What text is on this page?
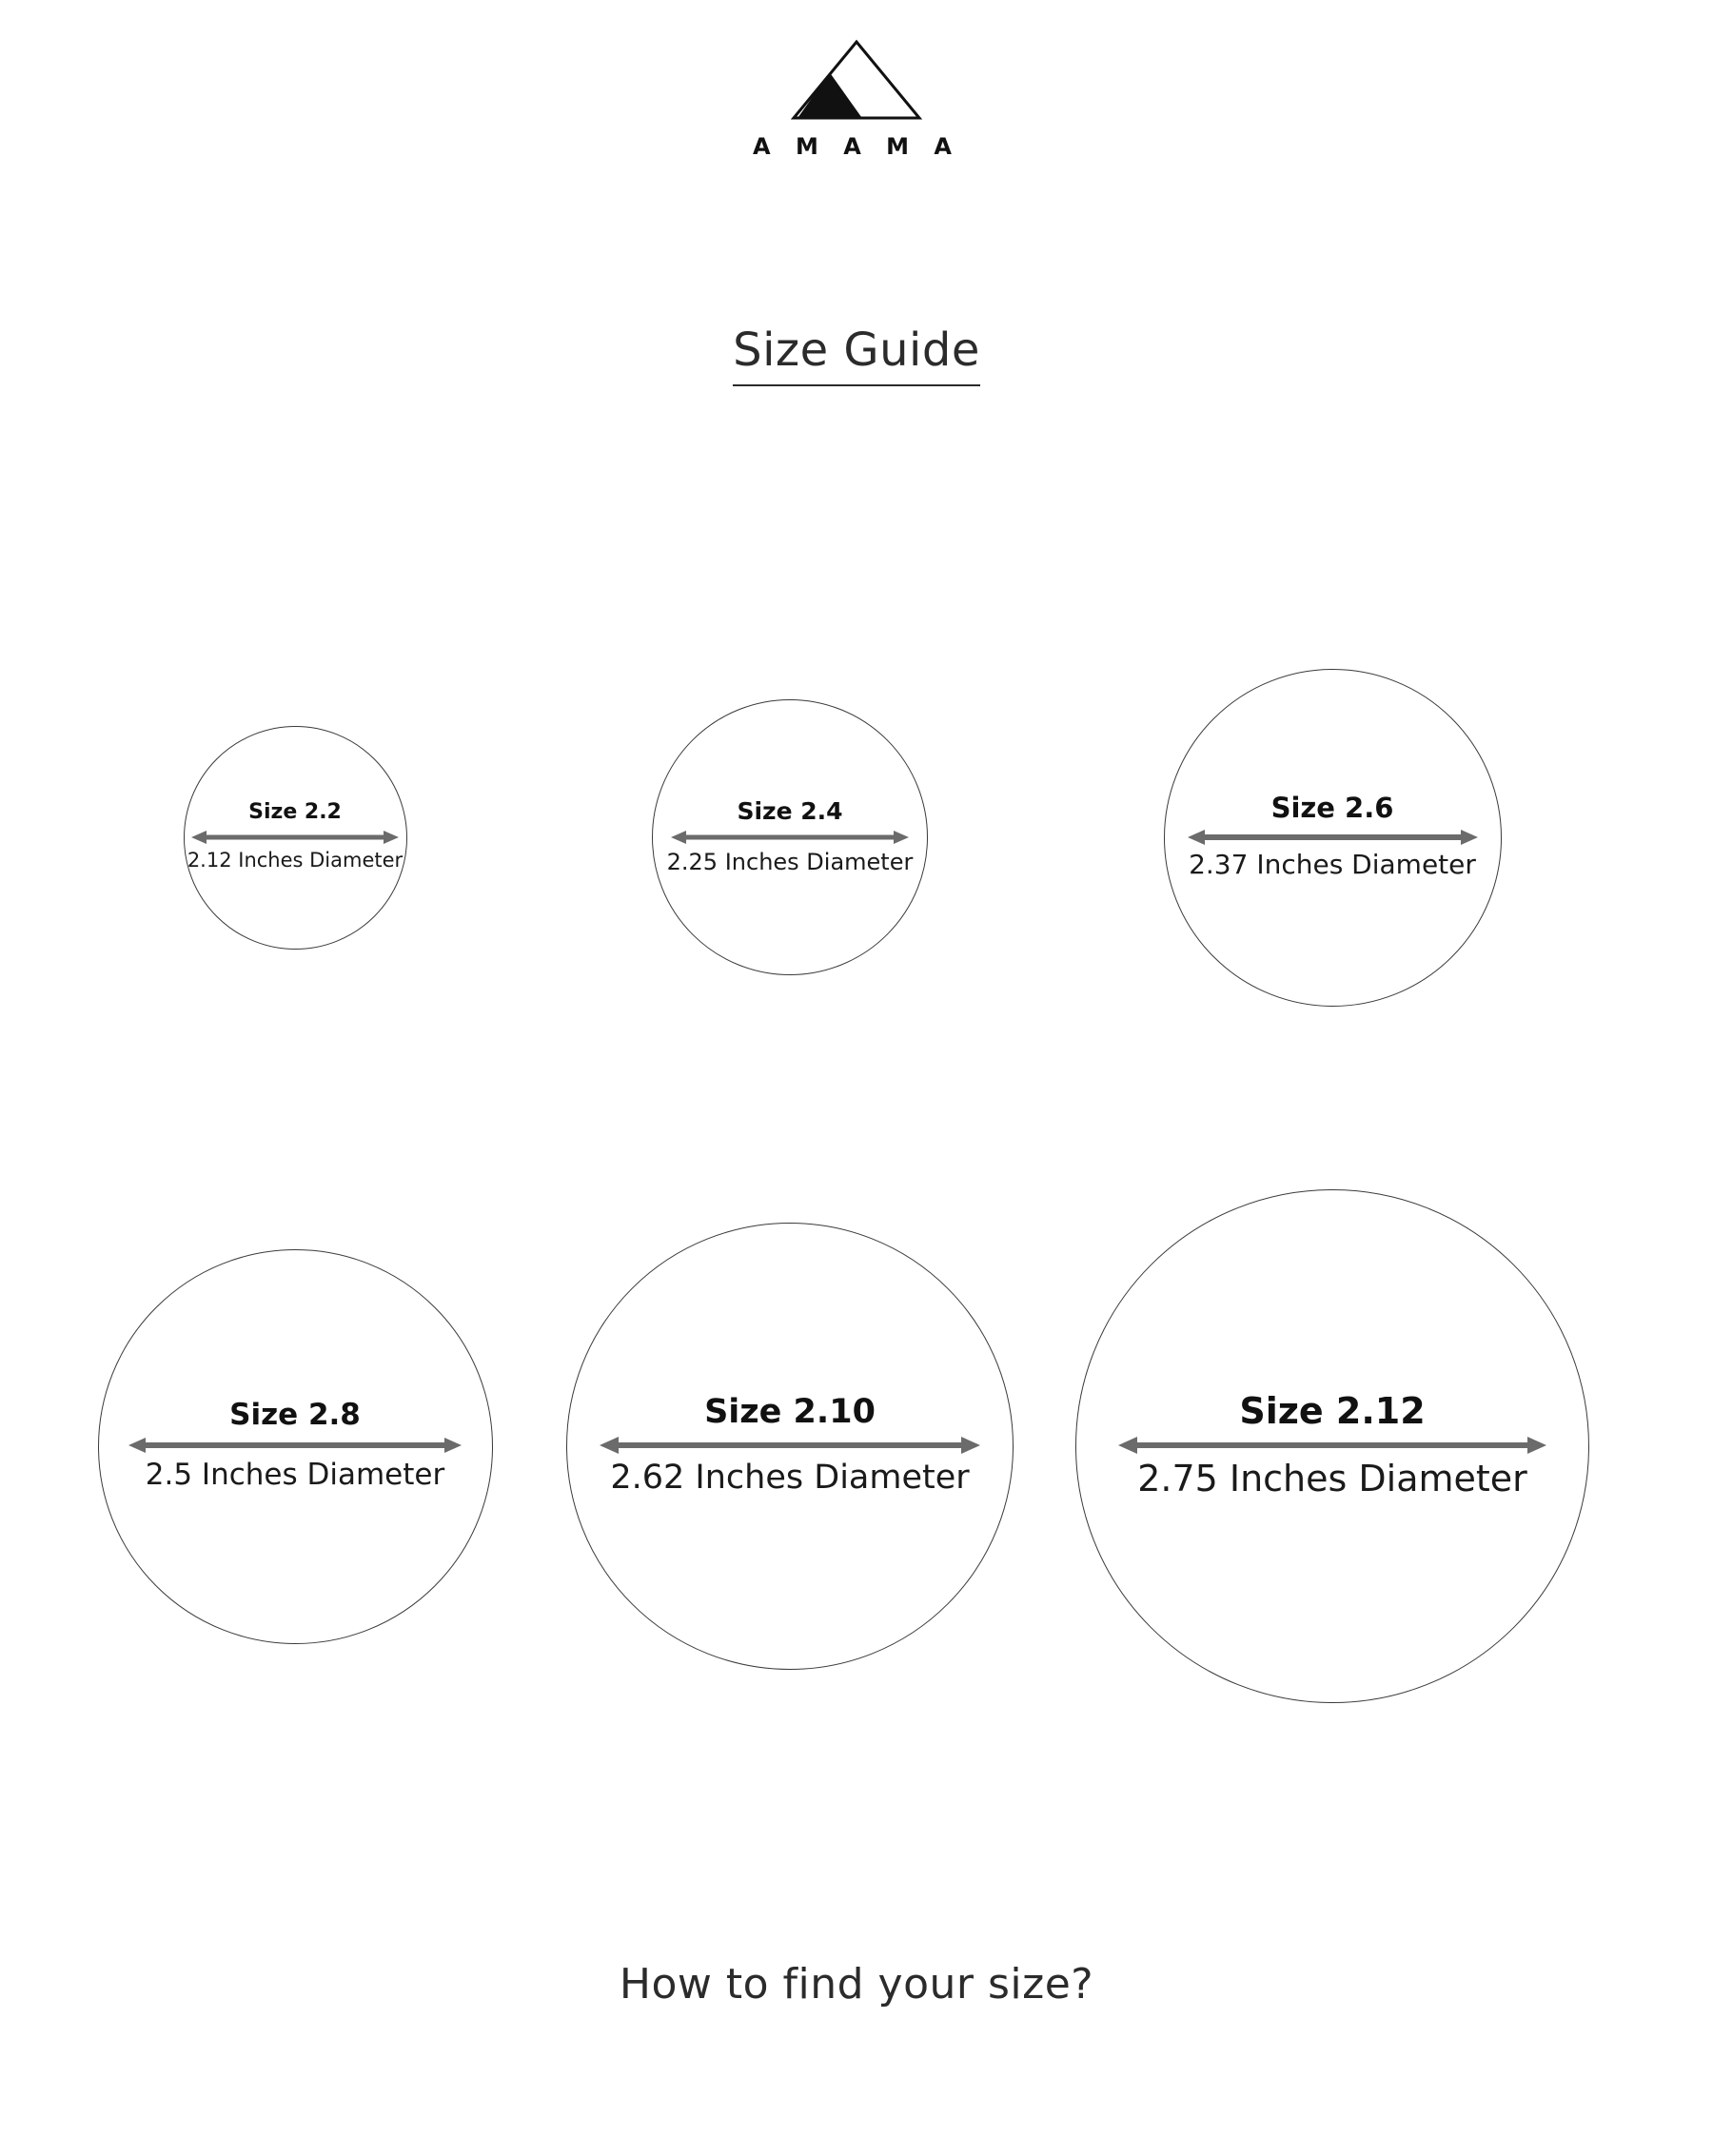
A M A M A
Size Guide
Size 2.2
2.12 Inches Diameter
Size 2.4
2.25 Inches Diameter
Size 2.6
2.37 Inches Diameter
Size 2.8
2.5 Inches Diameter
Size 2.10
2.62 Inches Diameter
Size 2.12
2.75 Inches Diameter
How to find your size?
